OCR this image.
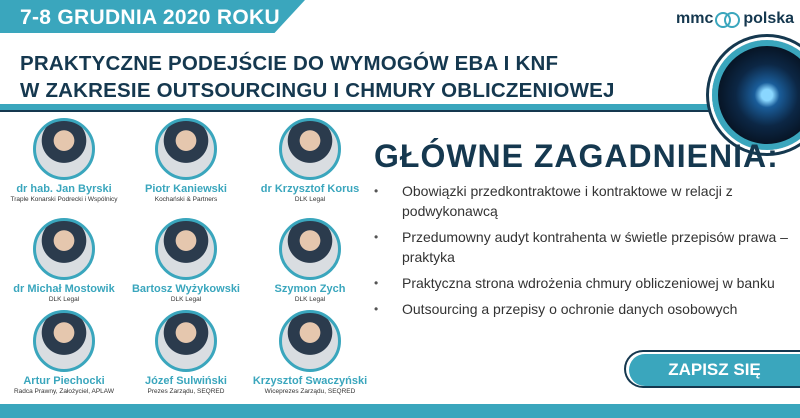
7-8 GRUDNIA 2020 ROKU	mmc polska
PRAKTYCZNE PODEJŚCIE DO WYMOGÓW EBA I KNF
W ZAKRESIE OUTSOURCINGU I CHMURY OBLICZENIOWEJ
dr hab. Jan Byrski
Traple Konarski Podrecki i Wspólnicy
Piotr Kaniewski
Kochański & Partners
dr Krzysztof Korus
DLK Legal
dr Michał Mostowik
DLK Legal
Bartosz Wyżykowski
DLK Legal
Szymon Zych
DLK Legal
Artur Piechocki
Radca Prawny, Założyciel, APLAW
Józef Sulwiński
Prezes Zarządu, SEQRED
Krzysztof Swaczyński
Wiceprezes Zarządu, SEQRED
GŁÓWNE ZAGADNIENIA:
• Obowiązki przedkontraktowe i kontraktowe w relacji z podwykonawcą
• Przedumowny audyt kontrahenta w świetle przepisów prawa – praktyka
• Praktyczna strona wdrożenia chmury obliczeniowej w banku
• Outsourcing a przepisy o ochronie danych osobowych
ZAPISZ SIĘ
